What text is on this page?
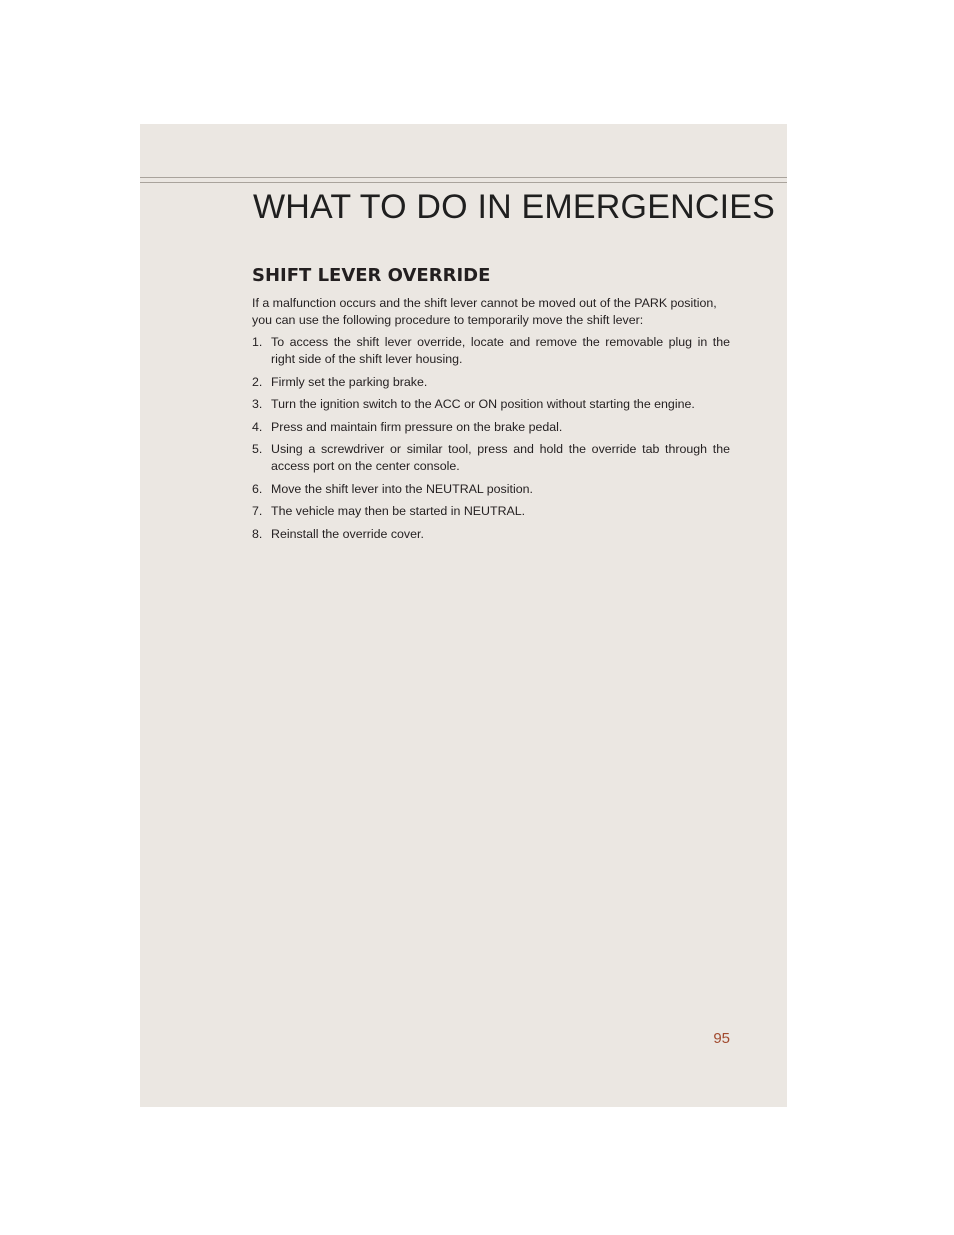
WHAT TO DO IN EMERGENCIES
SHIFT LEVER OVERRIDE

If a malfunction occurs and the shift lever cannot be moved out of the PARK position, you can use the following procedure to temporarily move the shift lever:

1. To access the shift lever override, locate and remove the removable plug in the right side of the shift lever housing.
2. Firmly set the parking brake.
3. Turn the ignition switch to the ACC or ON position without starting the engine.
4. Press and maintain firm pressure on the brake pedal.
5. Using a screwdriver or similar tool, press and hold the override tab through the access port on the center console.
6. Move the shift lever into the NEUTRAL position.
7. The vehicle may then be started in NEUTRAL.
8. Reinstall the override cover.
95
